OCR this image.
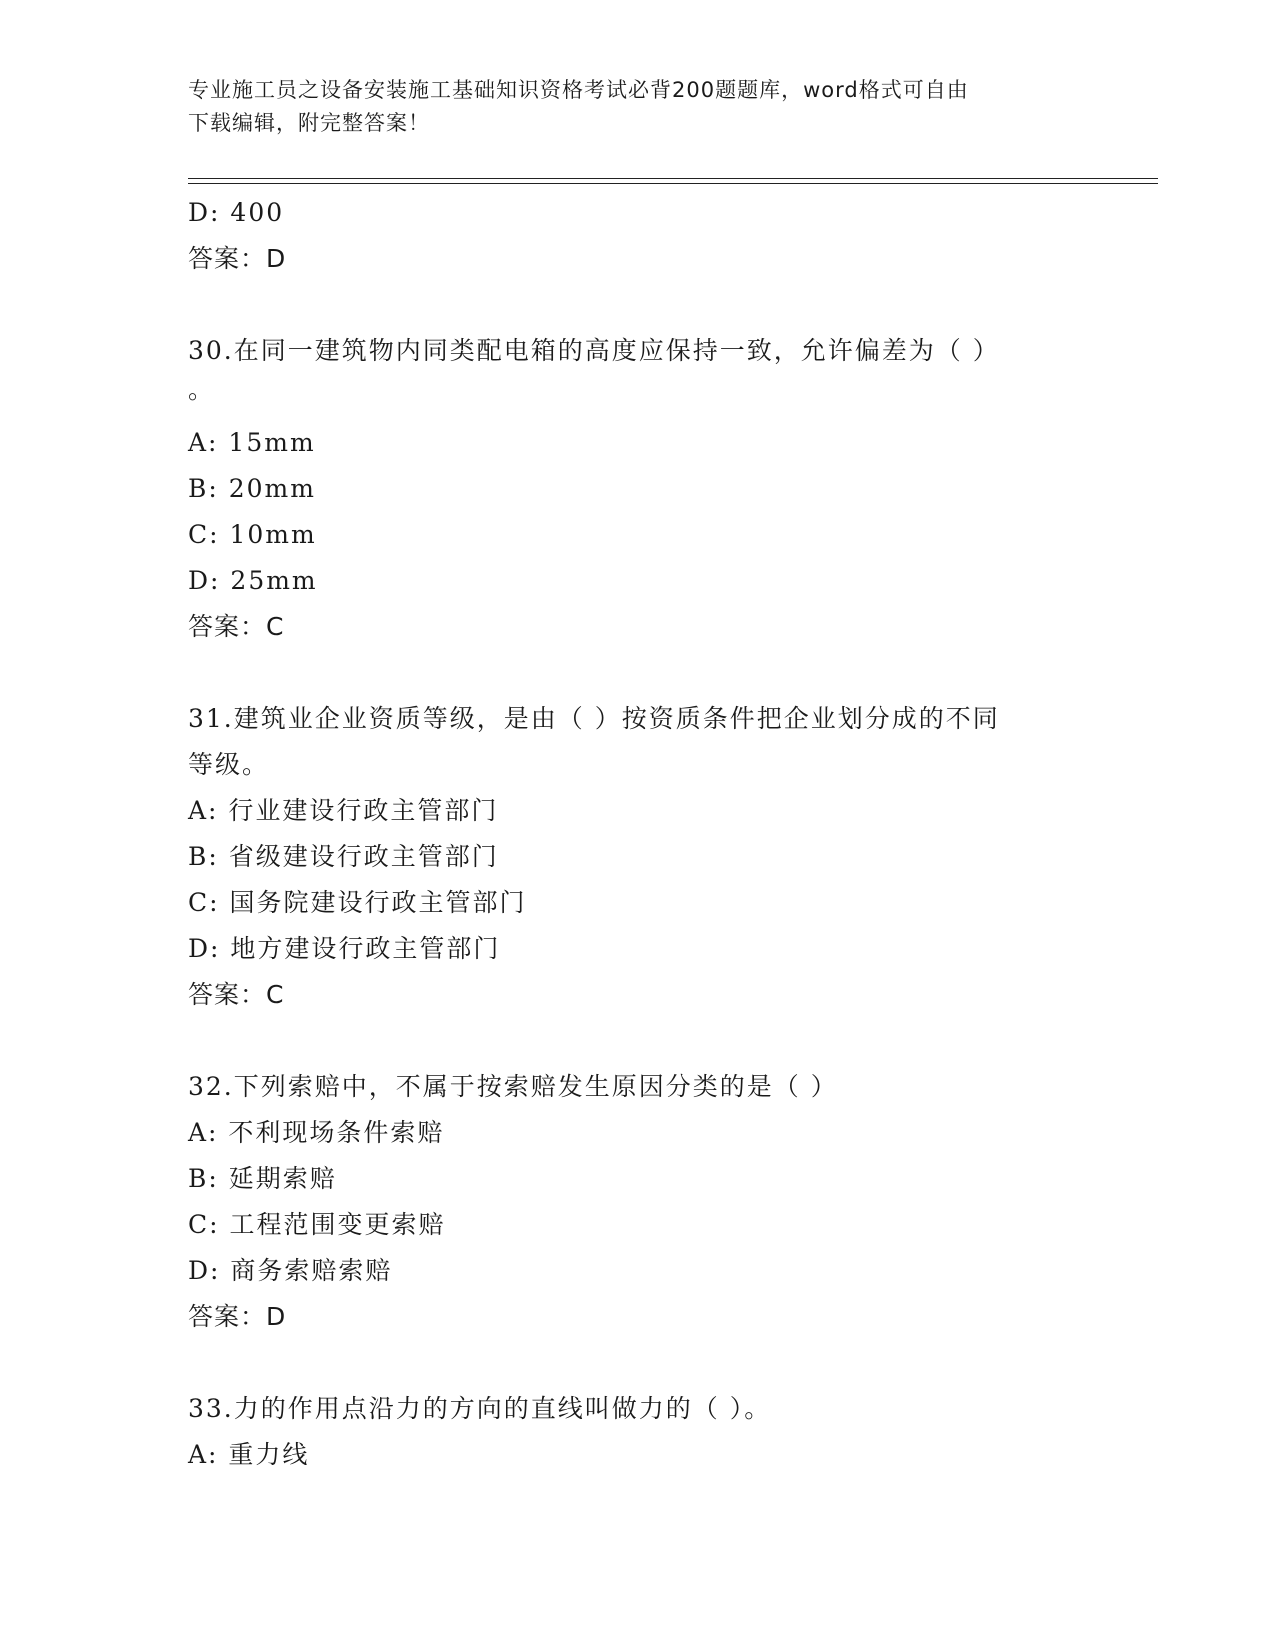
专业施工员之设备安装施工基础知识资格考试必背200题题库，word格式可自由
下载编辑，附完整答案！
D: 400
答案：D
30.在同一建筑物内同类配电箱的高度应保持一致，允许偏差为（ ）
。
A: 15mm
B: 20mm
C: 10mm
D: 25mm
答案：C
31.建筑业企业资质等级，是由（ ）按资质条件把企业划分成的不同
等级。
A: 行业建设行政主管部门
B: 省级建设行政主管部门
C: 国务院建设行政主管部门
D: 地方建设行政主管部门
答案：C
32.下列索赔中，不属于按索赔发生原因分类的是（ ）
A: 不利现场条件索赔
B: 延期索赔
C: 工程范围变更索赔
D: 商务索赔索赔
答案：D
33.力的作用点沿力的方向的直线叫做力的（ ）。
A: 重力线
